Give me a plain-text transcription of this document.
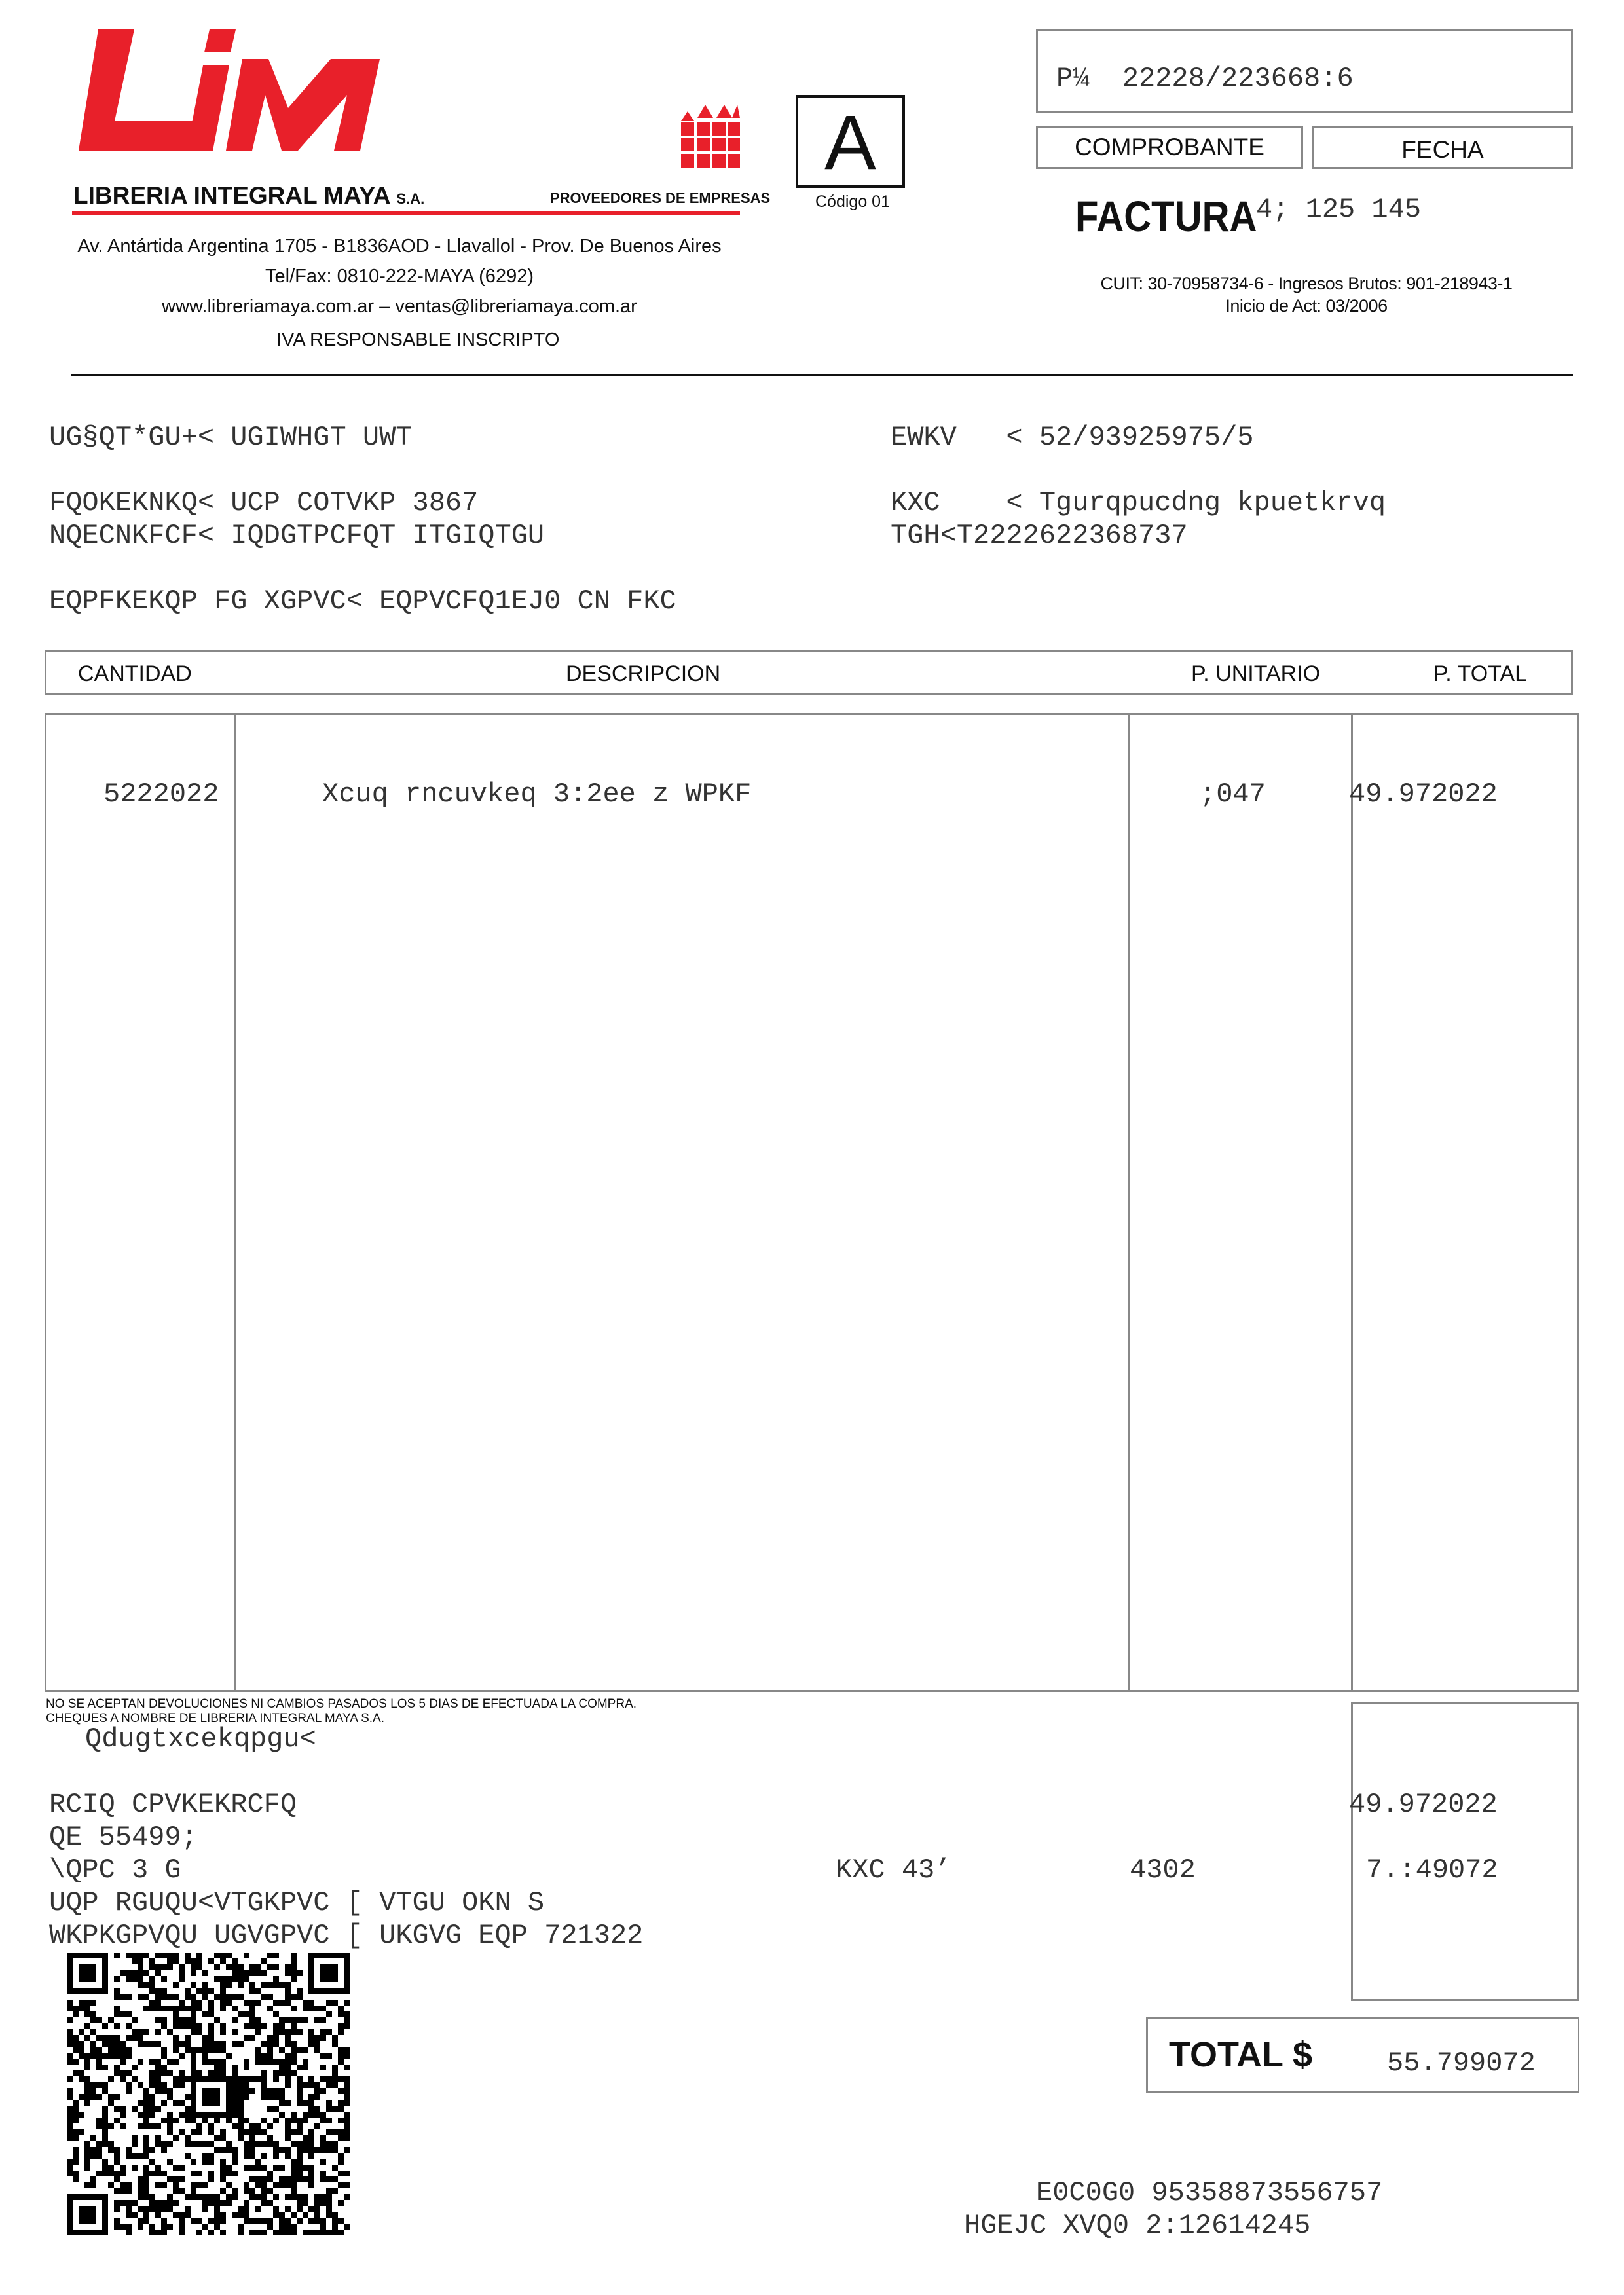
LIBRERIA INTEGRAL MAYA S.A.	PROVEEDORES DE EMPRESAS
Av. Antártida Argentina 1705 - B1836AOD - Llavallol - Prov. De Buenos Aires
Tel/Fax: 0810-222-MAYA (6292)
www.libreriamaya.com.ar – ventas@libreriamaya.com.ar
IVA RESPONSABLE INSCRIPTO
A
Código 01
P¼  22228/223668:6
COMPROBANTE	FECHA
FACTURA
4; 125 145
CUIT: 30-70958734-6 - Ingresos Brutos: 901-218943-1
Inicio de Act: 03/2006
UG§QT*GU+< UGIWHGT UWT	EWKV   < 52/93925975/5
FQOKEKNKQ< UCP COTVKP 3867	KXC    < Tgurqpucdng kpuetkrvq
NQECNKFCF< IQDGTPCFQT ITGIQTGU	TGH<T2222622368737
EQPFKEKQP FG XGPVC< EQPVCFQ1EJ0 CN FKC
CANTIDAD	DESCRIPCION	P. UNITARIO	P. TOTAL
5222022	Xcuq rncuvkeq 3:2ee z WPKF	;047	49.972022
NO SE ACEPTAN DEVOLUCIONES NI CAMBIOS PASADOS LOS 5 DIAS DE EFECTUADA LA COMPRA.
CHEQUES A NOMBRE DE LIBRERIA INTEGRAL MAYA S.A.
Qdugtxcekqpgu<
RCIQ CPVKEKRCFQ	49.972022
QE 55499;
\QPC 3 G	KXC 43’	4302	7.:49072
UQP RGUQU<VTGKPVC [ VTGU OKN S
WKPKGPVQU UGVGPVC [ UKGVG EQP 721322
TOTAL $	55.799072
E0C0G0 95358873556757
HGEJC XVQ0 2:12614245
